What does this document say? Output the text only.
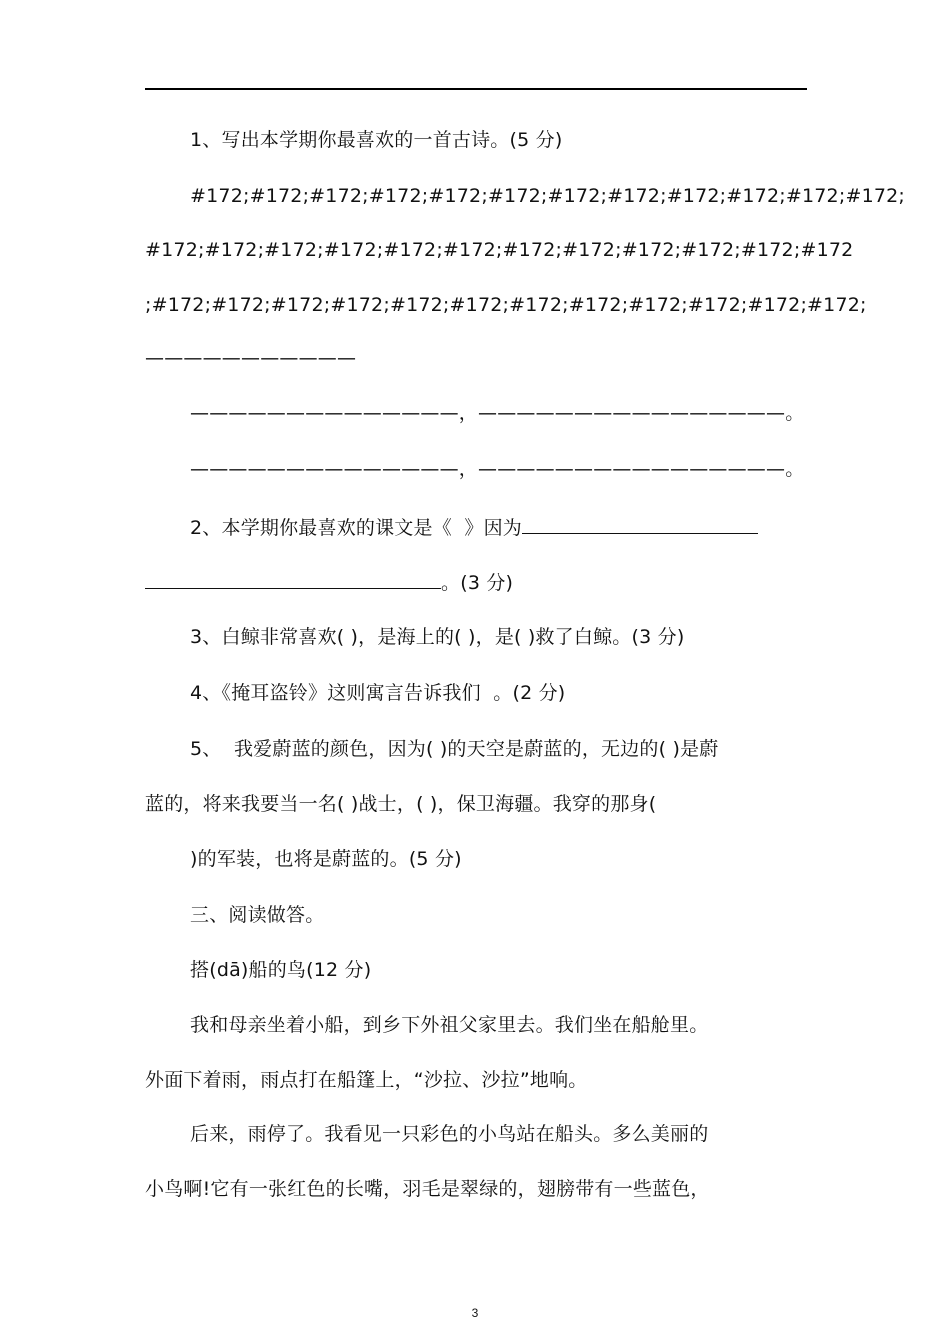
1、写出本学期你最喜欢的一首古诗。(5 分)
#172;#172;#172;#172;#172;#172;#172;#172;#172;#172;#172;#172;
#172;#172;#172;#172;#172;#172;#172;#172;#172;#172;#172;#172
;#172;#172;#172;#172;#172;#172;#172;#172;#172;#172;#172;#172;
———————————
——————————————，————————————————。
——————————————，————————————————。
2、本学期你最喜欢的课文是《  》因为
。(3 分)
3、白鲸非常喜欢( )，是海上的( )，是( )救了白鲸。(3 分)
4、《掩耳盗铃》这则寓言告诉我们  。(2 分)
5、  我爱蔚蓝的颜色，因为( )的天空是蔚蓝的，无边的( )是蔚
蓝的，将来我要当一名( )战士，( )，保卫海疆。我穿的那身(
)的军装，也将是蔚蓝的。(5 分)
三、阅读做答。
搭(dā)船的鸟(12 分)
我和母亲坐着小船，到乡下外祖父家里去。我们坐在船舱里。
外面下着雨，雨点打在船篷上，“沙拉、沙拉”地响。
后来，雨停了。我看见一只彩色的小鸟站在船头。多么美丽的
小鸟啊!它有一张红色的长嘴，羽毛是翠绿的，翅膀带有一些蓝色，
3
